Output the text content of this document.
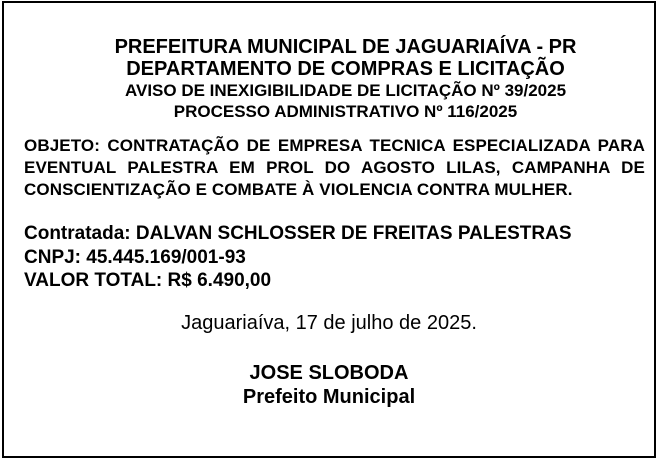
PREFEITURA MUNICIPAL DE JAGUARIAÍVA - PR
DEPARTAMENTO DE COMPRAS E LICITAÇÃO
AVISO DE INEXIGIBILIDADE DE LICITAÇÃO Nº 39/2025
PROCESSO ADMINISTRATIVO Nº 116/2025

OBJETO: CONTRATAÇÃO DE EMPRESA TECNICA ESPECIALIZADA PARA EVENTUAL PALESTRA EM PROL DO AGOSTO LILAS, CAMPANHA DE CONSCIENTIZAÇÃO E COMBATE À VIOLENCIA CONTRA MULHER.

Contratada: DALVAN SCHLOSSER DE FREITAS PALESTRAS
CNPJ: 45.445.169/001-93
VALOR TOTAL: R$ 6.490,00
Jaguariaíva, 17 de julho de 2025.
JOSE SLOBODA
Prefeito Municipal
